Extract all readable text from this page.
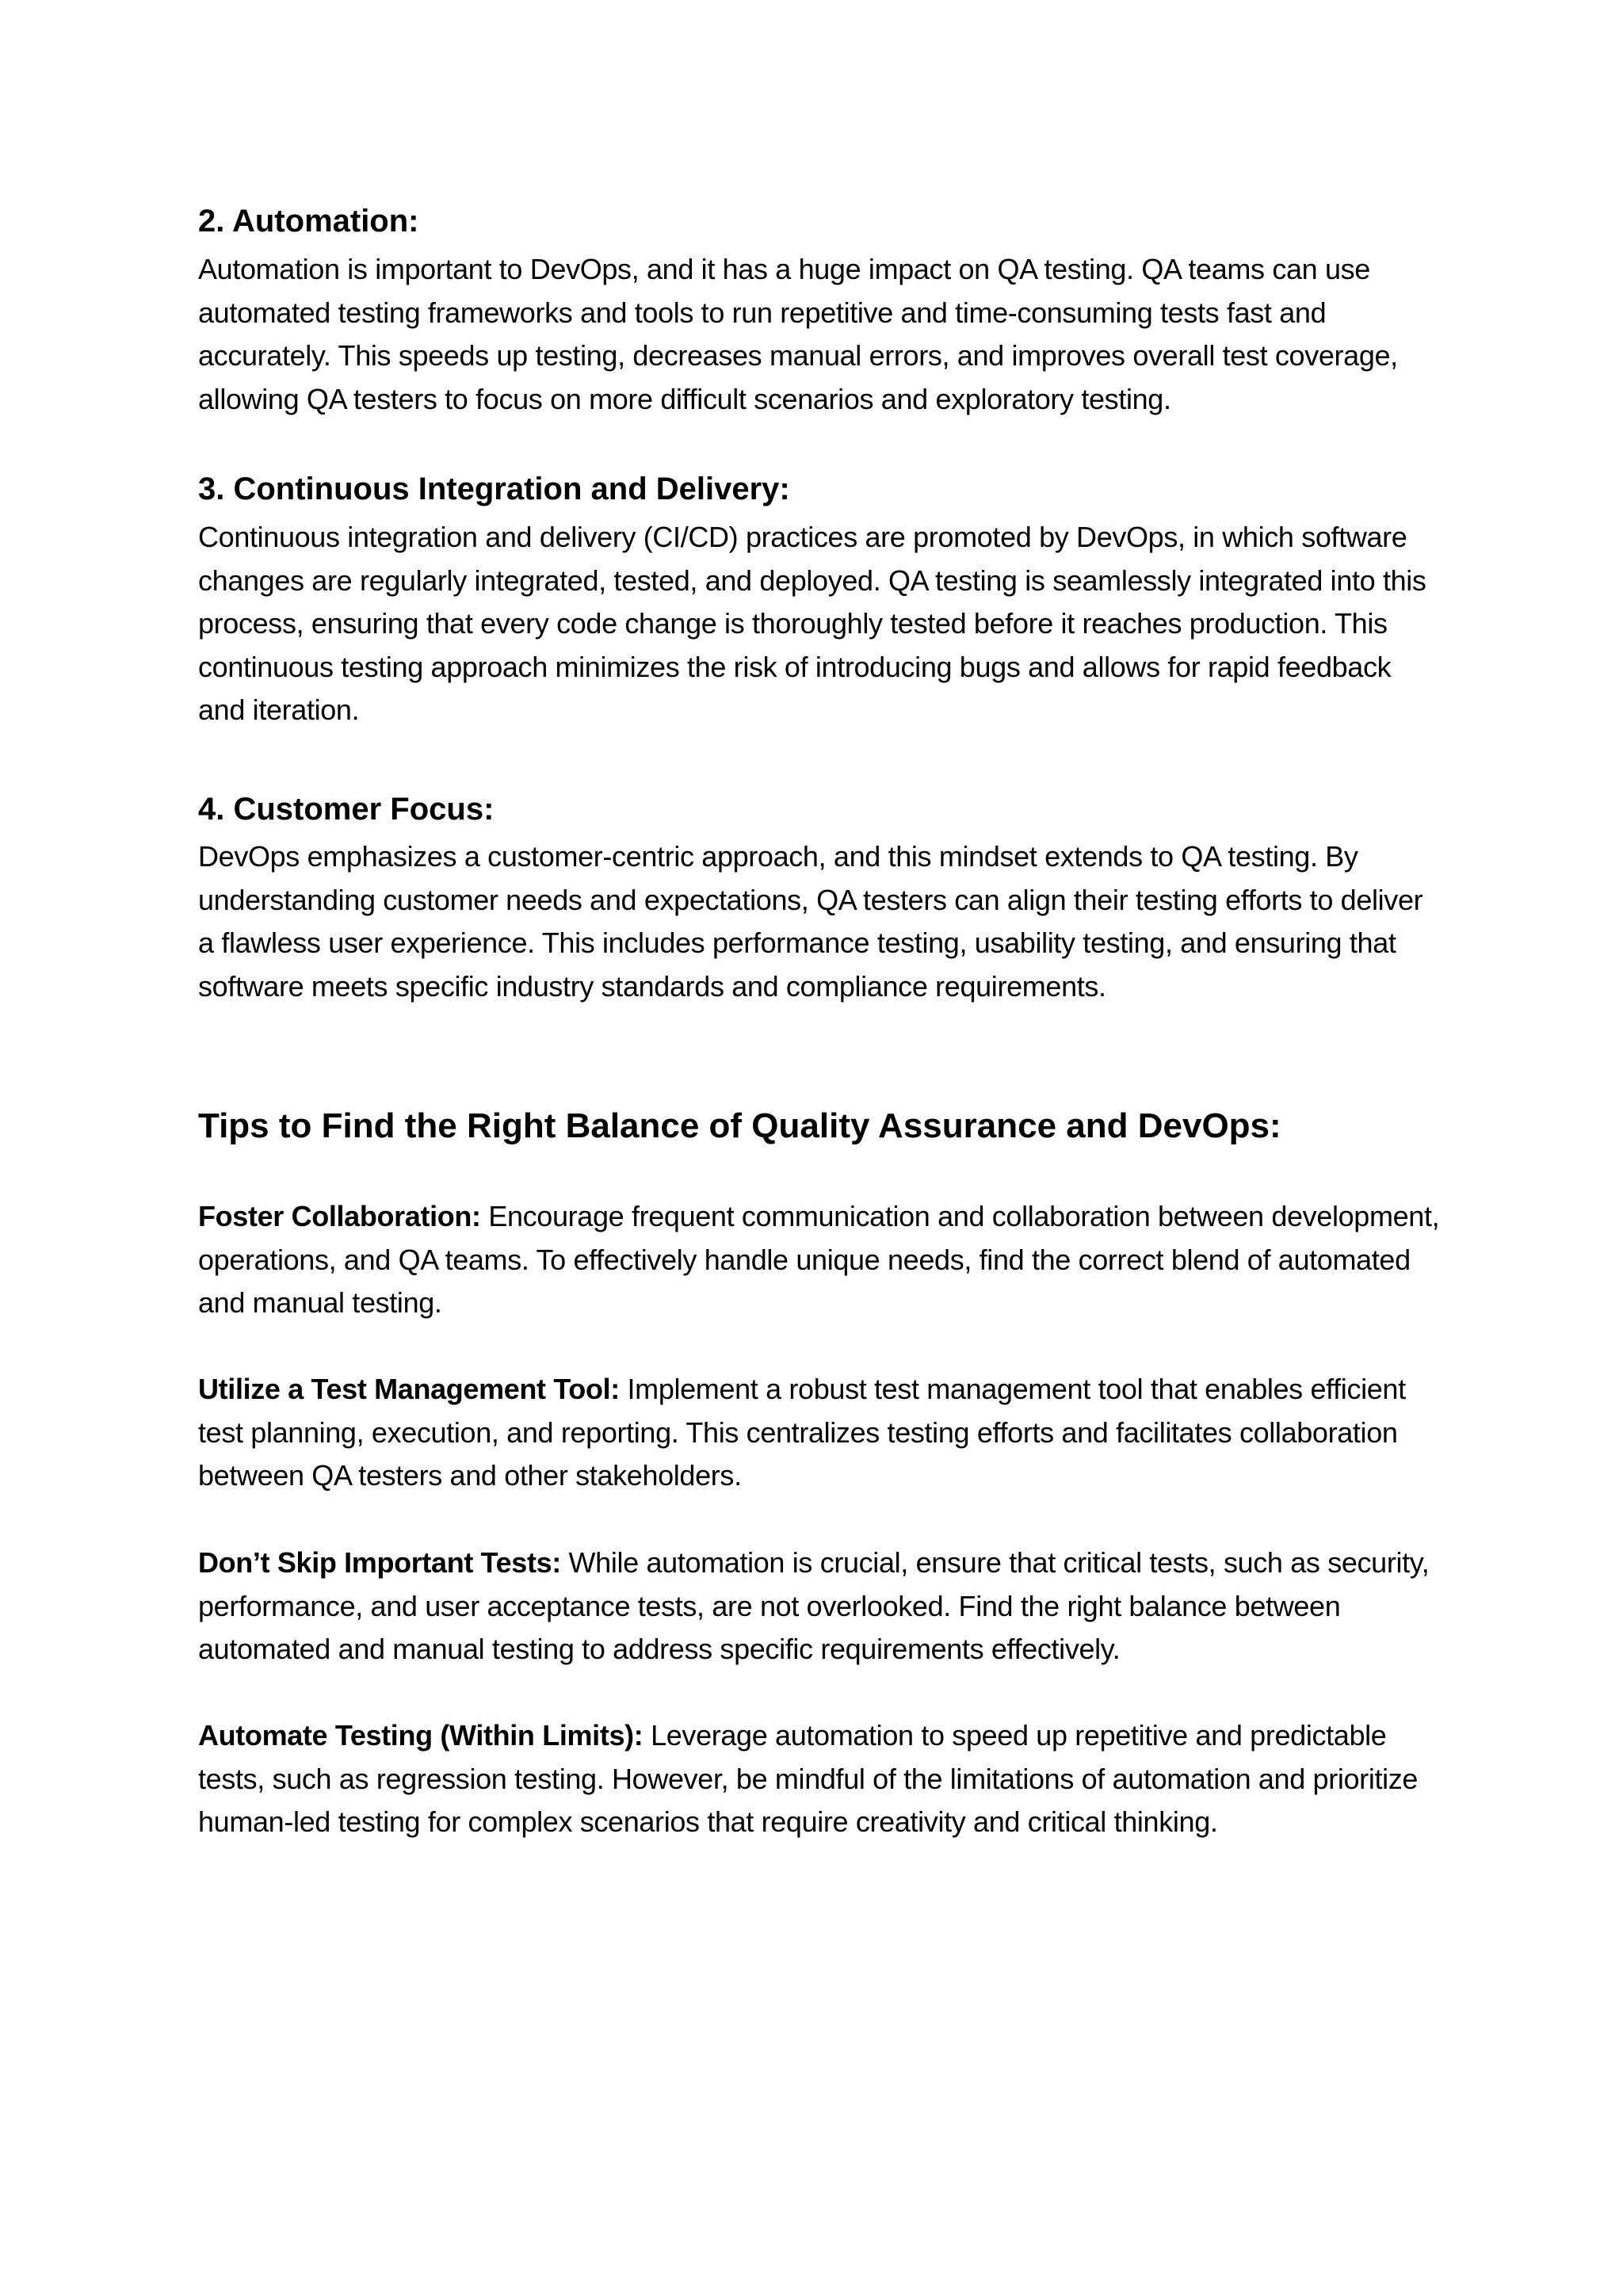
2. Automation:
Automation is important to DevOps, and it has a huge impact on QA testing. QA teams can use automated testing frameworks and tools to run repetitive and time-consuming tests fast and accurately. This speeds up testing, decreases manual errors, and improves overall test coverage, allowing QA testers to focus on more difficult scenarios and exploratory testing.
3. Continuous Integration and Delivery:
Continuous integration and delivery (CI/CD) practices are promoted by DevOps, in which software changes are regularly integrated, tested, and deployed. QA testing is seamlessly integrated into this process, ensuring that every code change is thoroughly tested before it reaches production. This continuous testing approach minimizes the risk of introducing bugs and allows for rapid feedback and iteration.
4. Customer Focus:
DevOps emphasizes a customer-centric approach, and this mindset extends to QA testing. By understanding customer needs and expectations, QA testers can align their testing efforts to deliver a flawless user experience. This includes performance testing, usability testing, and ensuring that software meets specific industry standards and compliance requirements.
Tips to Find the Right Balance of Quality Assurance and DevOps:
Foster Collaboration: Encourage frequent communication and collaboration between development, operations, and QA teams. To effectively handle unique needs, find the correct blend of automated and manual testing.
Utilize a Test Management Tool: Implement a robust test management tool that enables efficient test planning, execution, and reporting. This centralizes testing efforts and facilitates collaboration between QA testers and other stakeholders.
Don’t Skip Important Tests: While automation is crucial, ensure that critical tests, such as security, performance, and user acceptance tests, are not overlooked. Find the right balance between automated and manual testing to address specific requirements effectively.
Automate Testing (Within Limits): Leverage automation to speed up repetitive and predictable tests, such as regression testing. However, be mindful of the limitations of automation and prioritize human-led testing for complex scenarios that require creativity and critical thinking.
